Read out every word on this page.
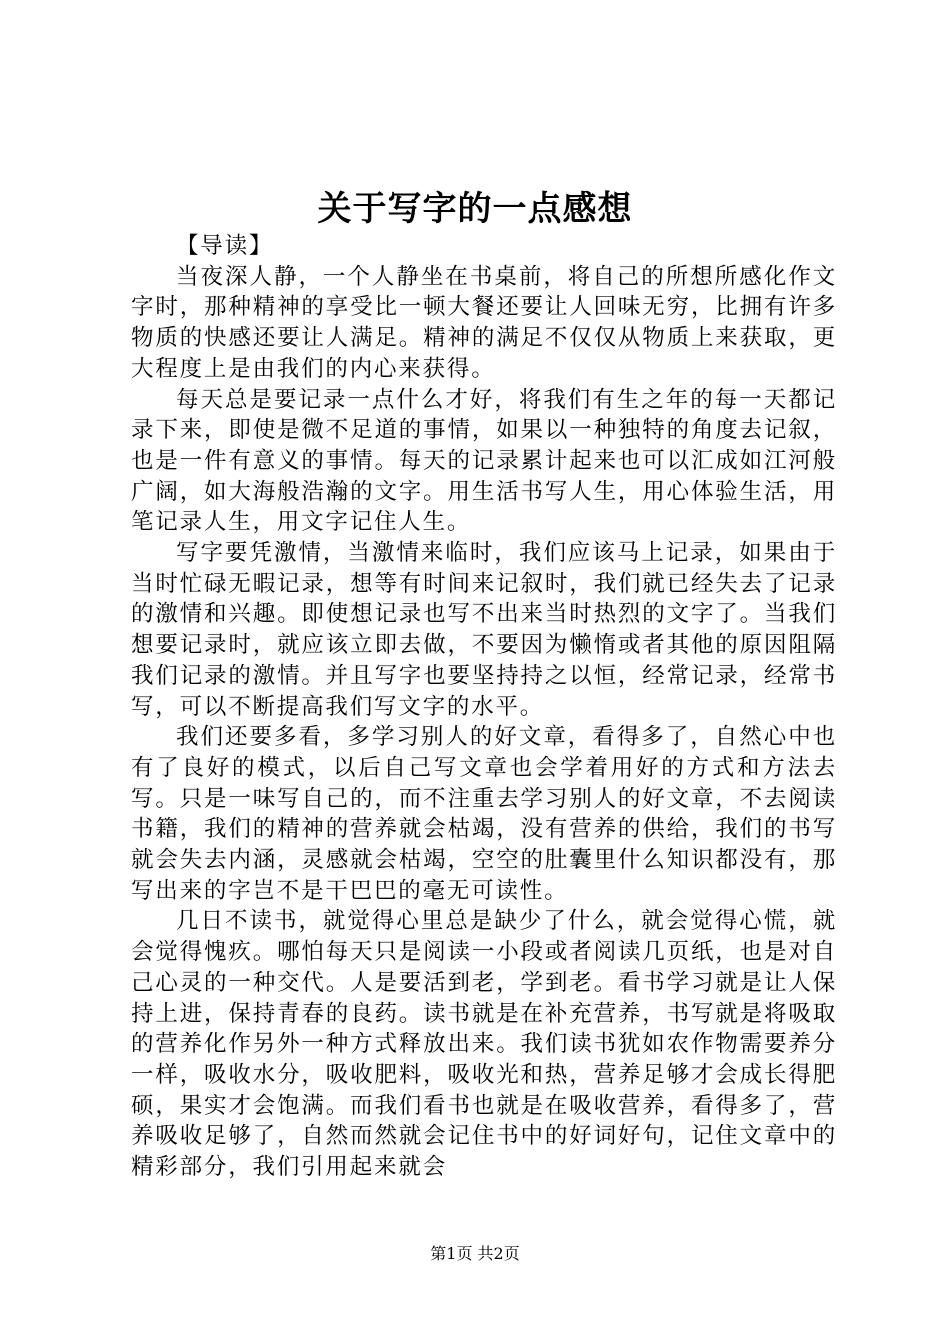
关于写字的一点感想

【导读】

当夜深人静，一个人静坐在书桌前，将自己的所想所感化作文字时，那种精神的享受比一顿大餐还要让人回味无穷，比拥有许多物质的快感还要让人满足。精神的满足不仅仅从物质上来获取，更大程度上是由我们的内心来获得。

每天总是要记录一点什么才好，将我们有生之年的每一天都记录下来，即使是微不足道的事情，如果以一种独特的角度去记叙，也是一件有意义的事情。每天的记录累计起来也可以汇成如江河般广阔，如大海般浩瀚的文字。用生活书写人生，用心体验生活，用笔记录人生，用文字记住人生。

写字要凭激情，当激情来临时，我们应该马上记录，如果由于当时忙碌无暇记录，想等有时间来记叙时，我们就已经失去了记录的激情和兴趣。即使想记录也写不出来当时热烈的文字了。当我们想要记录时，就应该立即去做，不要因为懒惰或者其他的原因阻隔我们记录的激情。并且写字也要坚持持之以恒，经常记录，经常书写，可以不断提高我们写文字的水平。

我们还要多看，多学习别人的好文章，看得多了，自然心中也有了良好的模式，以后自己写文章也会学着用好的方式和方法去写。只是一味写自己的，而不注重去学习别人的好文章，不去阅读书籍，我们的精神的营养就会枯竭，没有营养的供给，我们的书写就会失去内涵，灵感就会枯竭，空空的肚囊里什么知识都没有，那写出来的字岂不是干巴巴的毫无可读性。

几日不读书，就觉得心里总是缺少了什么，就会觉得心慌，就会觉得愧疚。哪怕每天只是阅读一小段或者阅读几页纸，也是对自己心灵的一种交代。人是要活到老，学到老。看书学习就是让人保持上进，保持青春的良药。读书就是在补充营养，书写就是将吸取的营养化作另外一种方式释放出来。我们读书犹如农作物需要养分一样，吸收水分，吸收肥料，吸收光和热，营养足够才会成长得肥硕，果实才会饱满。而我们看书也就是在吸收营养，看得多了，营养吸收足够了，自然而然就会记住书中的好词好句，记住文章中的精彩部分，我们引用起来就会

第1页 共2页
